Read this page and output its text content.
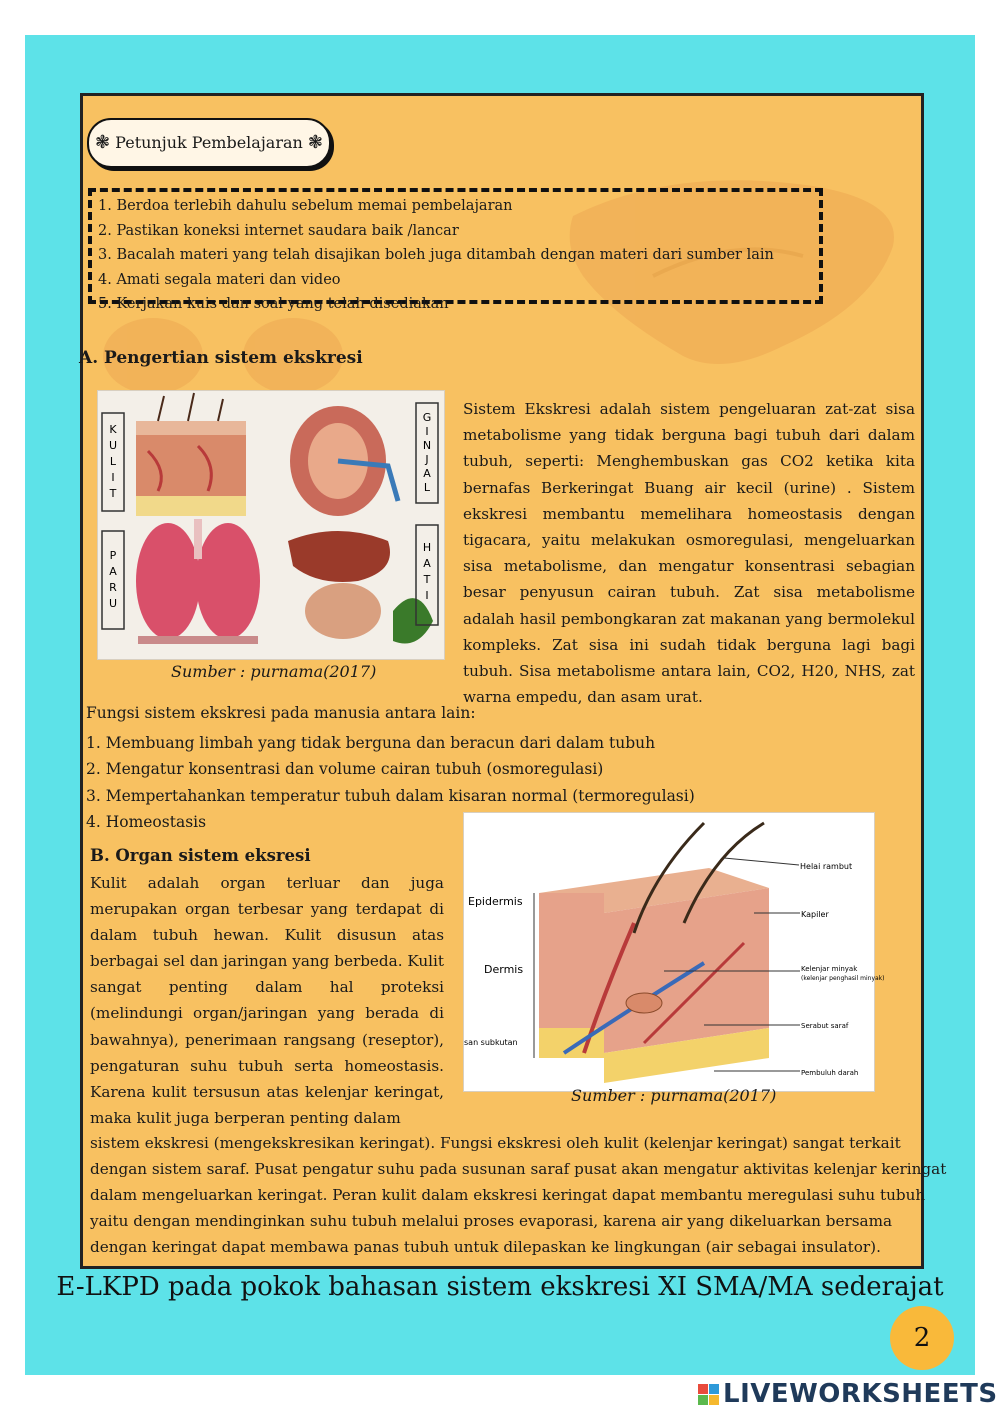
❃ Petunjuk Pembelajaran ❃
1. Berdoa terlebih dahulu sebelum memai pembelajaran
2. Pastikan koneksi internet saudara baik /lancar
3. Bacalah materi yang telah disajikan boleh juga ditambah dengan materi dari sumber lain
4. Amati segala materi dan video
5. Kerjakan kuis dan soal yang telah disediakan
A. Pengertian sistem ekskresi
K U L I T
G I N J A L
P A R U
H A T I
Sumber : purnama(2017)
Sistem Ekskresi adalah sistem pengeluaran zat-zat sisa metabolisme yang tidak berguna bagi tubuh dari dalam tubuh, seperti: Menghembuskan gas CO2 ketika kita bernafas Berkeringat Buang air kecil (urine) . Sistem ekskresi membantu memelihara homeostasis dengan tigacara, yaitu melakukan osmoregulasi, mengeluarkan sisa metabolisme, dan mengatur konsentrasi sebagian besar penyusun cairan tubuh. Zat sisa metabolisme adalah hasil pembongkaran zat makanan yang bermolekul kompleks. Zat sisa ini sudah tidak berguna lagi bagi tubuh. Sisa metabolisme antara lain, CO2, H20, NHS, zat warna empedu, dan asam urat.
Fungsi sistem ekskresi pada manusia antara lain:
1. Membuang limbah yang tidak berguna dan beracun dari dalam tubuh
2. Mengatur konsentrasi dan volume cairan tubuh (osmoregulasi)
3. Mempertahankan temperatur tubuh dalam kisaran normal (termoregulasi)
4. Homeostasis
B. Organ sistem eksresi
Kulit adalah organ terluar dan juga merupakan organ terbesar yang terdapat di dalam tubuh hewan. Kulit disusun atas berbagai sel dan jaringan yang berbeda. Kulit sangat penting dalam hal proteksi (melindungi organ/jaringan yang berada di bawahnya), penerimaan rangsang (reseptor), pengaturan suhu tubuh serta homeostasis. Karena kulit tersusun atas kelenjar keringat, maka kulit juga berperan penting dalam
Epidermis
Dermis
san subkutan
Helai rambut
Kapiler
Kelenjar minyak
(kelenjar penghasil minyak)
Serabut saraf
Pembuluh darah
Sumber : purnama(2017)
sistem ekskresi (mengekskresikan keringat). Fungsi ekskresi oleh kulit (kelenjar keringat) sangat terkait
dengan sistem saraf. Pusat pengatur suhu pada susunan saraf pusat akan mengatur aktivitas kelenjar keringat
dalam mengeluarkan keringat. Peran kulit dalam ekskresi keringat dapat membantu meregulasi suhu tubuh
yaitu dengan mendinginkan suhu tubuh melalui proses evaporasi, karena air yang dikeluarkan bersama
dengan keringat dapat membawa panas tubuh untuk dilepaskan ke lingkungan (air sebagai insulator).
E-LKPD pada pokok bahasan sistem ekskresi XI SMA/MA sederajat
2
LIVEWORKSHEETS
